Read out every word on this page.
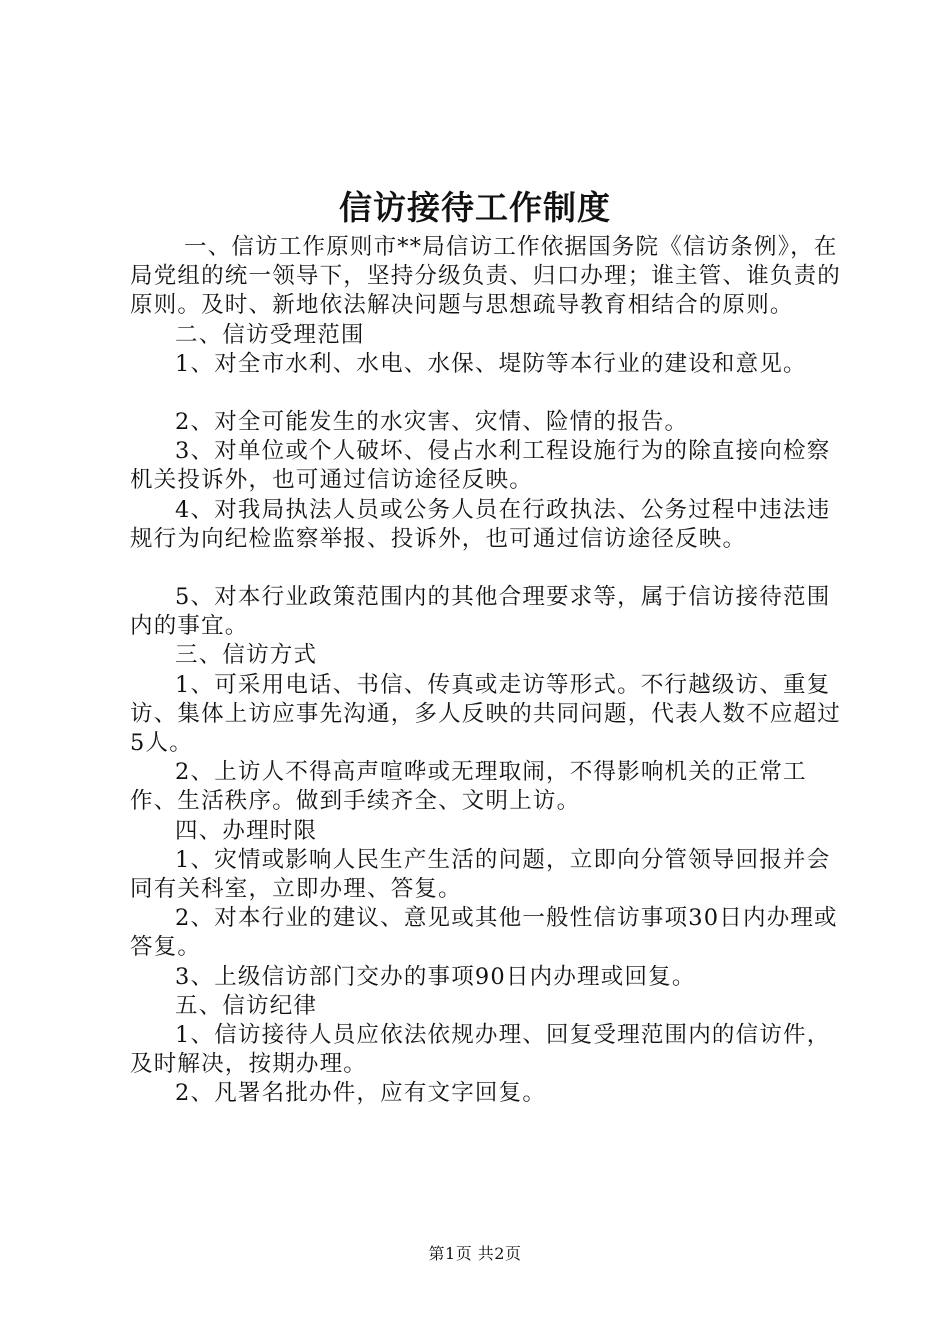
信访接待工作制度

一、信访工作原则市**局信访工作依据国务院《信访条例》，在局党组的统一领导下，坚持分级负责、归口办理；谁主管、谁负责的原则。及时、新地依法解决问题与思想疏导教育相结合的原则。

二、信访受理范围

1、对全市水利、水电、水保、堤防等本行业的建设和意见。

2、对全可能发生的水灾害、灾情、险情的报告。

3、对单位或个人破坏、侵占水利工程设施行为的除直接向检察机关投诉外，也可通过信访途径反映。

4、对我局执法人员或公务人员在行政执法、公务过程中违法违规行为向纪检监察举报、投诉外，也可通过信访途径反映。

5、对本行业政策范围内的其他合理要求等，属于信访接待范围内的事宜。

三、信访方式

1、可采用电话、书信、传真或走访等形式。不行越级访、重复访、集体上访应事先沟通，多人反映的共同问题，代表人数不应超过5人。

2、上访人不得高声喧哗或无理取闹，不得影响机关的正常工作、生活秩序。做到手续齐全、文明上访。

四、办理时限

1、灾情或影响人民生产生活的问题，立即向分管领导回报并会同有关科室，立即办理、答复。

2、对本行业的建议、意见或其他一般性信访事项30日内办理或答复。

3、上级信访部门交办的事项90日内办理或回复。

五、信访纪律

1、信访接待人员应依法依规办理、回复受理范围内的信访件，及时解决，按期办理。

2、凡署名批办件，应有文字回复。

第1页 共2页
